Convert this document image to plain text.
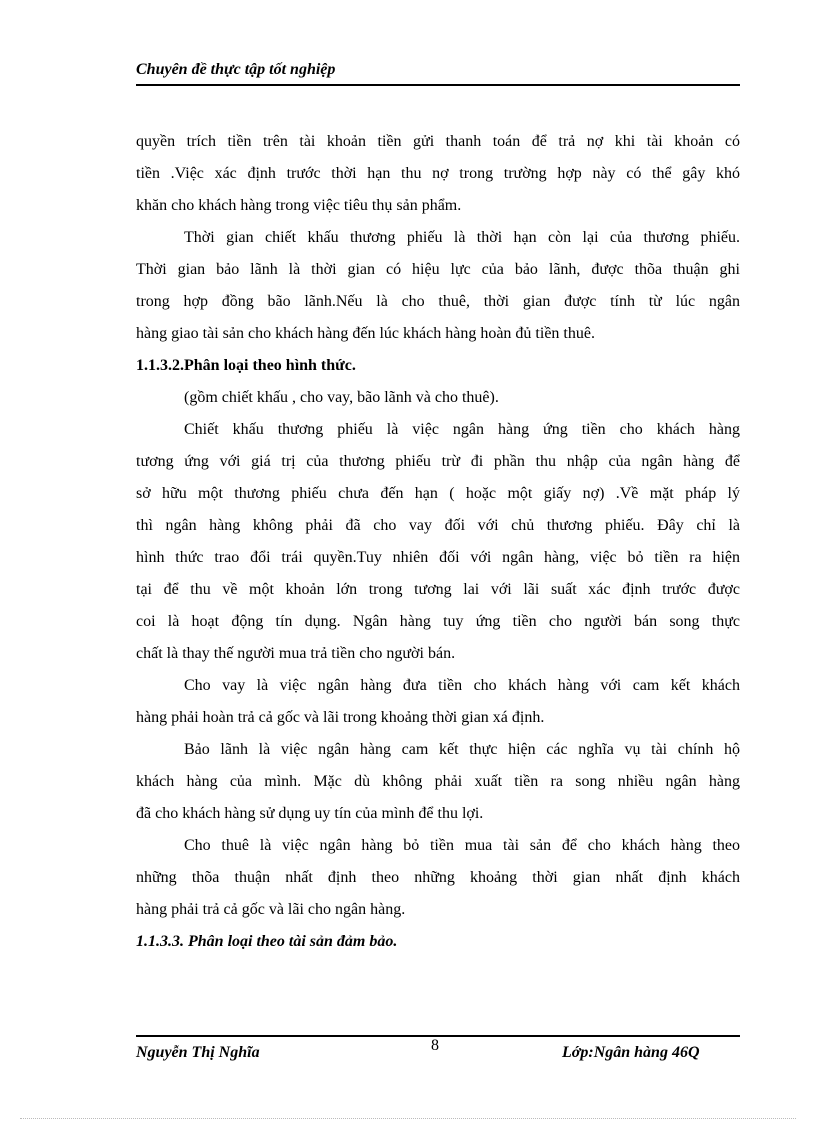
Chuyên đề thực tập tốt nghiệp
quyền trích tiền trên tài khoản tiền gửi thanh toán để trả nợ khi tài khoản có
tiền .Việc xác định trước thời hạn thu nợ trong trường hợp này có thể gây khó
khăn cho khách hàng trong việc tiêu thụ sản phẩm.
Thời gian chiết khấu thương phiếu là thời hạn còn lại của thương phiếu.
Thời gian bảo lãnh là thời gian có hiệu lực của bảo lãnh, được thõa thuận ghi
trong hợp đồng bão lãnh.Nếu là cho thuê, thời gian được tính từ lúc ngân
hàng giao tài sản cho khách hàng đến lúc khách hàng hoàn đủ tiền thuê.
1.1.3.2.Phân loại theo hình thức.
(gồm chiết khấu , cho vay, bão lãnh và cho thuê).
Chiết khấu thương phiếu là việc ngân hàng ứng tiền cho khách hàng
tương ứng với giá trị của thương phiếu trừ đi phần thu nhập của ngân hàng để
sở hữu một thương phiếu chưa đến hạn ( hoặc một giấy nợ) .Về mặt pháp lý
thì ngân hàng không phải đã cho vay đối với chủ thương phiếu. Đây chỉ là
hình thức trao đổi trái quyền.Tuy nhiên đối với ngân hàng, việc bỏ tiền ra hiện
tại để thu về một khoản lớn trong tương lai với lãi suất xác định trước được
coi là hoạt động tín dụng. Ngân hàng tuy ứng tiền cho người bán song thực
chất là thay thế người mua trả tiền cho người bán.
Cho vay là việc ngân hàng đưa tiền cho khách hàng với cam kết khách
hàng phải hoàn trả cả gốc và lãi trong khoảng thời gian xá định.
Bảo lãnh là việc ngân hàng cam kết thực hiện các nghĩa vụ tài chính hộ
khách hàng của mình. Mặc dù không phải xuất tiền ra song nhiều ngân hàng
đã cho khách hàng sử dụng uy tín của mình để thu lợi.
Cho thuê là việc ngân hàng bỏ tiền mua tài sản để cho khách hàng theo
những thõa thuận nhất định theo những khoảng thời gian nhất định khách
hàng phải trả cả gốc và lãi cho ngân hàng.
1.1.3.3. Phân loại theo tài sản đảm bảo.
Nguyễn Thị Nghĩa	8	Lớp:Ngân hàng 46Q
